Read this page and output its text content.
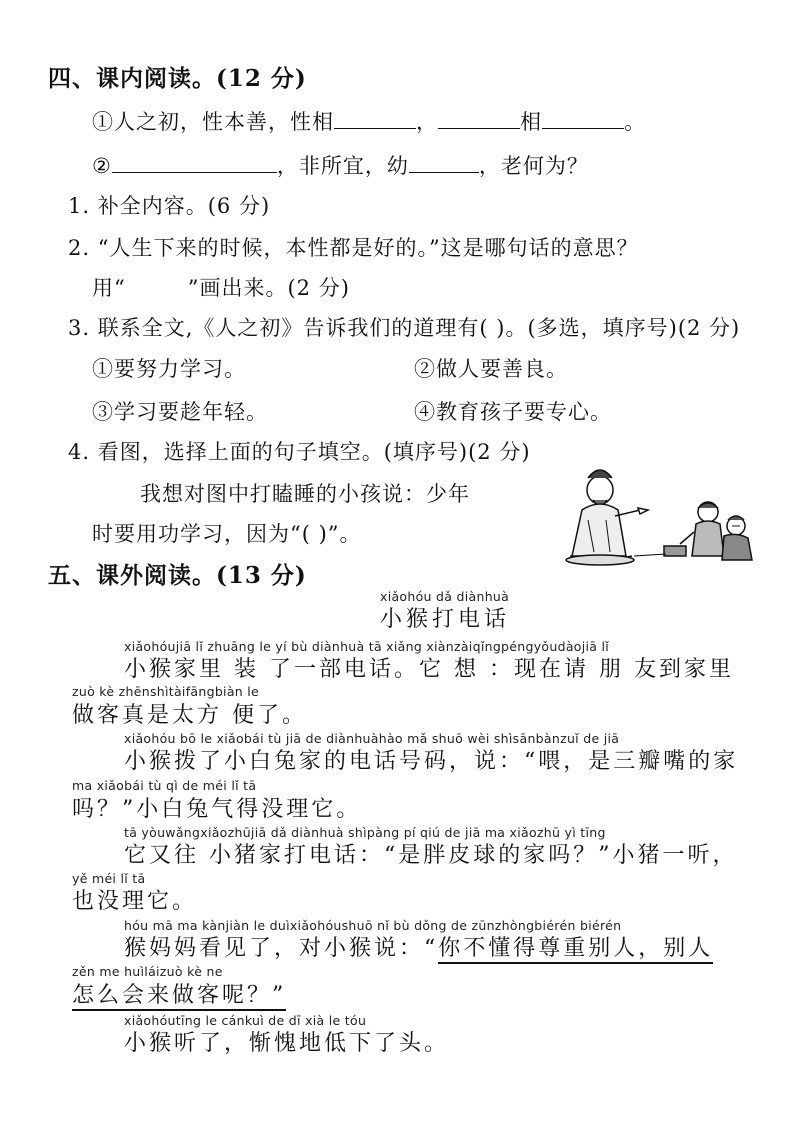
四、课内阅读。(12 分)
①人之初，性本善，性相	，	相	。
②	，非所宜，幼	，老何为？
1. 补全内容。(6 分)
2. “人生下来的时候，本性都是好的。”这是哪句话的意思？
用“	”画出来。(2 分)
3. 联系全文,《人之初》告诉我们的道理有( )。(多选，填序号)(2 分)
①要努力学习。	②做人要善良。
③学习要趁年轻。	④教育孩子要专心。
4. 看图，选择上面的句子填空。(填序号)(2 分)
我想对图中打瞌睡的小孩说：少年
时要用功学习，因为“( )”。
五、课外阅读。(13 分)
xiǎohóu dǎ diànhuà
小猴打电话
xiǎohóujiā lǐ zhuāng le yí bù diànhuà tā xiǎng xiànzàiqǐngpéngyǒudàojiā lǐ
小猴家里 装 了一部电话。它 想 ：现在请 朋 友到家里
zuò kè zhēnshìtàifāngbiàn le
做客真是太方 便了。
xiǎohóu bō le xiǎobái tù jiā de diànhuàhào mǎ shuō wèi shìsānbànzuǐ de jiā
小猴拨了小白兔家的电话号码，说：“喂，是三瓣嘴的家
ma xiǎobái tù qì de méi lǐ tā
吗？”小白兔气得没理它。
tā yòuwǎngxiǎozhūjiā dǎ diànhuà shìpàng pí qiú de jiā ma xiǎozhū yì tīng
它又往 小猪家打电话：“是胖皮球的家吗？”小猪一听，
yě méi lǐ tā
也没理它。
hóu mā ma kànjiàn le duìxiǎohóushuō nǐ bù dǒng de zūnzhòngbiérén biérén
猴妈妈看见了，对小猴说：“你不懂得尊重别人，别人
zěn me huìláizuò kè ne
怎么会来做客呢？”
xiǎohóutīng le cánkuì de dī xià le tóu
小猴听了，惭愧地低下了头。
